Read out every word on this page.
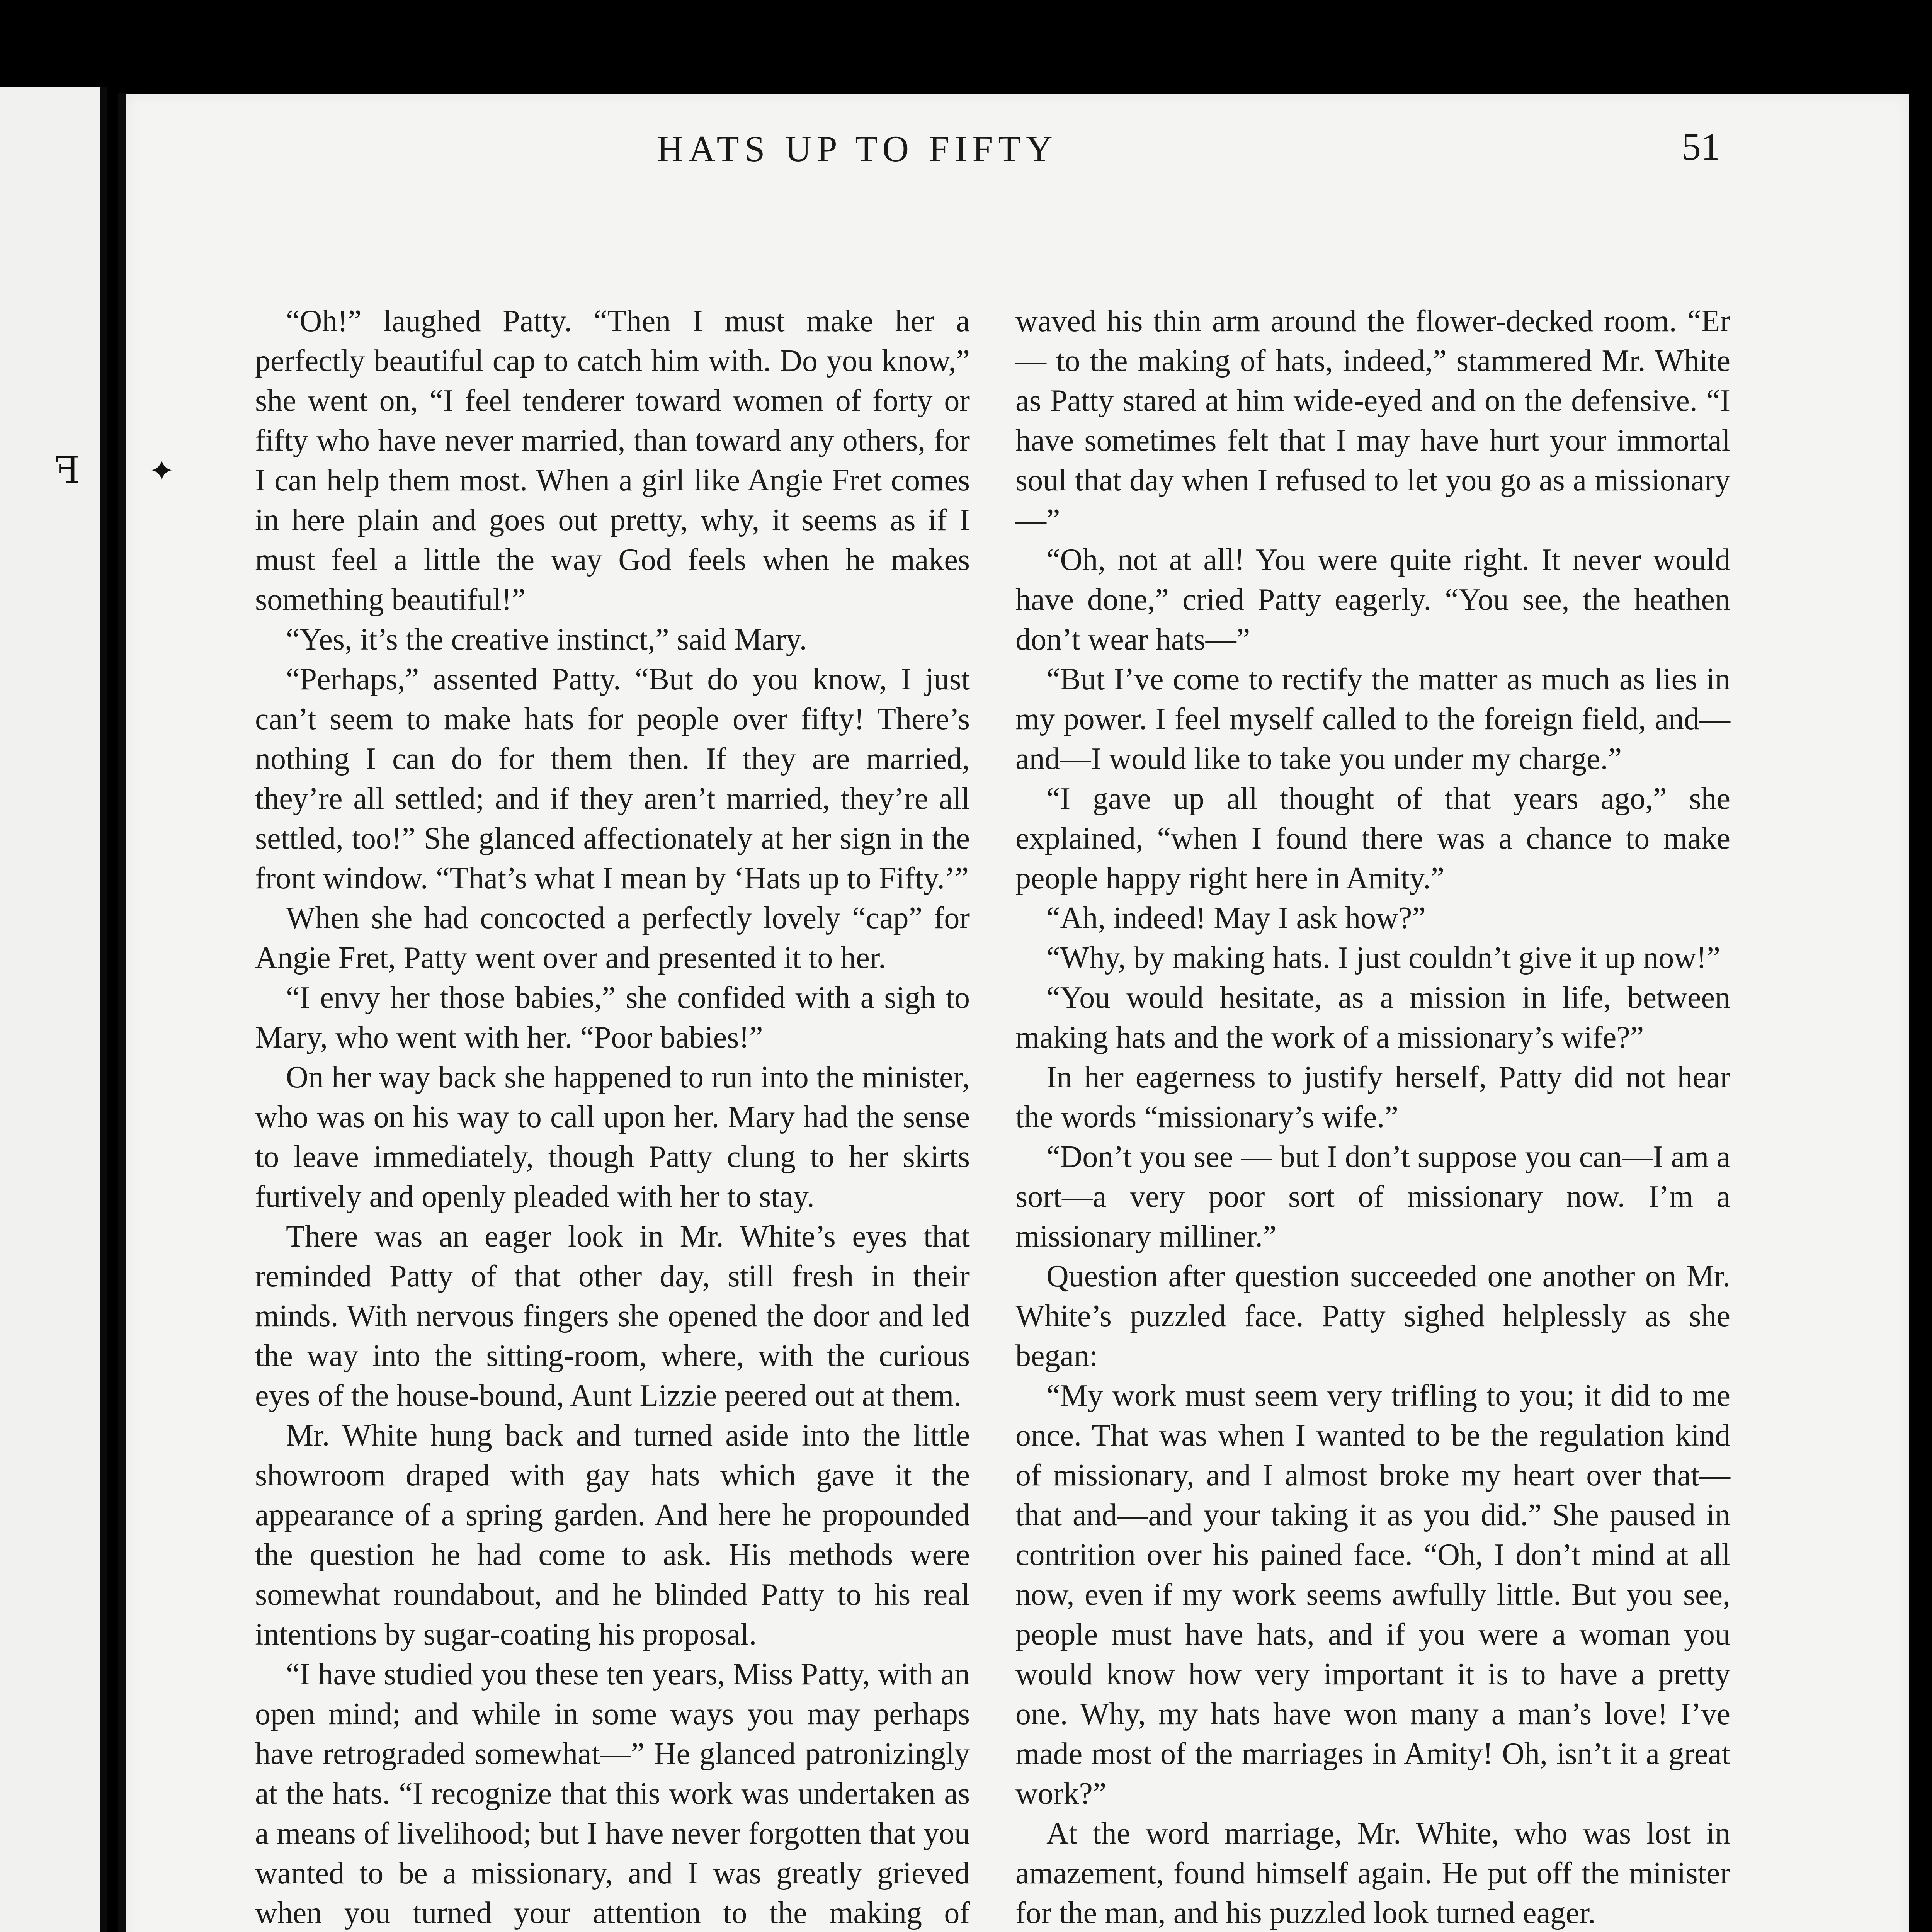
ꟻ ✦
HATS UP TO FIFTY	51

“Oh!” laughed Patty. “Then I must make her a perfectly beautiful cap to catch him with. Do you know,” she went on, “I feel tenderer toward women of forty or fifty who have never married, than toward any others, for I can help them most. When a girl like Angie Fret comes in here plain and goes out pretty, why, it seems as if I must feel a little the way God feels when he makes something beautiful!”

“Yes, it’s the creative instinct,” said Mary.

“Perhaps,” assented Patty. “But do you know, I just can’t seem to make hats for people over fifty! There’s nothing I can do for them then. If they are married, they’re all settled; and if they aren’t married, they’re all settled, too!” She glanced affectionately at her sign in the front window. “That’s what I mean by ‘Hats up to Fifty.’”

When she had concocted a perfectly lovely “cap” for Angie Fret, Patty went over and presented it to her.

“I envy her those babies,” she confided with a sigh to Mary, who went with her. “Poor babies!”

On her way back she happened to run into the minister, who was on his way to call upon her. Mary had the sense to leave immediately, though Patty clung to her skirts furtively and openly pleaded with her to stay.

There was an eager look in Mr. White’s eyes that reminded Patty of that other day, still fresh in their minds. With nervous fingers she opened the door and led the way into the sitting-room, where, with the curious eyes of the house-bound, Aunt Lizzie peered out at them.

Mr. White hung back and turned aside into the little showroom draped with gay hats which gave it the appearance of a spring garden. And here he propounded the question he had come to ask. His methods were somewhat roundabout, and he blinded Patty to his real intentions by sugar-coating his proposal.

“I have studied you these ten years, Miss Patty, with an open mind; and while in some ways you may perhaps have retrograded somewhat—” He glanced patronizingly at the hats. “I recognize that this work was undertaken as a means of livelihood; but I have never forgotten that you wanted to be a missionary, and I was greatly grieved when you turned your attention to the making of

waved his thin arm around the flower-decked room. “Er — to the making of hats, indeed,” stammered Mr. White as Patty stared at him wide-eyed and on the defensive. “I have sometimes felt that I may have hurt your immortal soul that day when I refused to let you go as a missionary—”

“Oh, not at all! You were quite right. It never would have done,” cried Patty eagerly. “You see, the heathen don’t wear hats—”

“But I’ve come to rectify the matter as much as lies in my power. I feel myself called to the foreign field, and—and—I would like to take you under my charge.”

“I gave up all thought of that years ago,” she explained, “when I found there was a chance to make people happy right here in Amity.”

“Ah, indeed! May I ask how?”

“Why, by making hats. I just couldn’t give it up now!”

“You would hesitate, as a mission in life, between making hats and the work of a missionary’s wife?”

In her eagerness to justify herself, Patty did not hear the words “missionary’s wife.”

“Don’t you see — but I don’t suppose you can—I am a sort—a very poor sort of missionary now. I’m a missionary milliner.”

Question after question succeeded one another on Mr. White’s puzzled face. Patty sighed helplessly as she began:

“My work must seem very trifling to you; it did to me once. That was when I wanted to be the regulation kind of missionary, and I almost broke my heart over that—that and—and your taking it as you did.” She paused in contrition over his pained face. “Oh, I don’t mind at all now, even if my work seems awfully little. But you see, people must have hats, and if you were a woman you would know how very important it is to have a pretty one. Why, my hats have won many a man’s love! I’ve made most of the marriages in Amity! Oh, isn’t it a great work?”

At the word marriage, Mr. White, who was lost in amazement, found himself again. He put off the minister for the man, and his puzzled look turned eager.
